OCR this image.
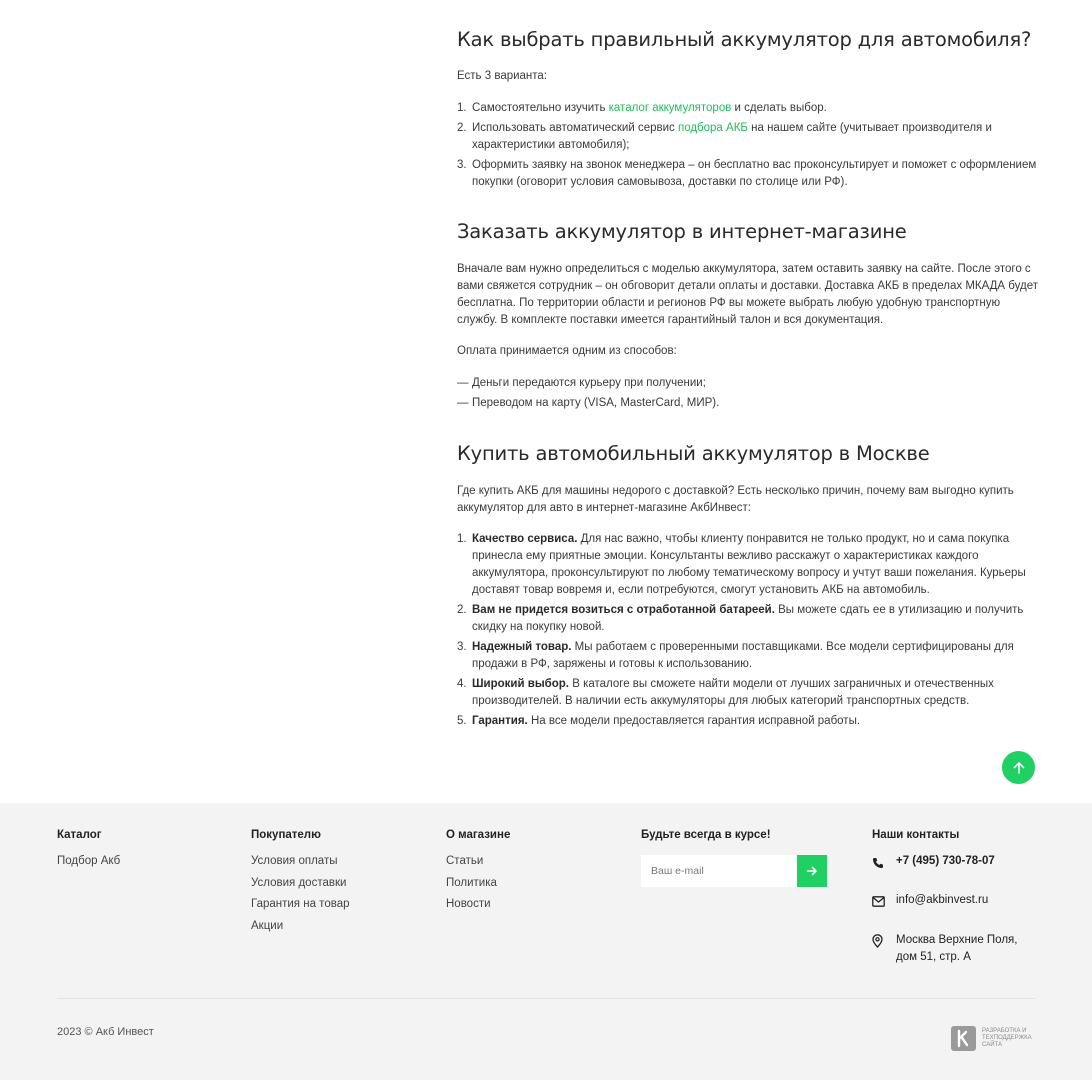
Как выбрать правильный аккумулятор для автомобиля?

Есть 3 варианта:

1. Самостоятельно изучить каталог аккумуляторов и сделать выбор.
2. Использовать автоматический сервис подбора АКБ на нашем сайте (учитывает производителя и характеристики автомобиля);
3. Оформить заявку на звонок менеджера – он бесплатно вас проконсультирует и поможет с оформлением покупки (оговорит условия самовывоза, доставки по столице или РФ).
Заказать аккумулятор в интернет-магазине

Вначале вам нужно определиться с моделью аккумулятора, затем оставить заявку на сайте. После этого с вами свяжется сотрудник – он обговорит детали оплаты и доставки. Доставка АКБ в пределах МКАДА будет бесплатна. По территории области и регионов РФ вы можете выбрать любую удобную транспортную службу. В комплекте поставки имеется гарантийный талон и вся документация.

Оплата принимается одним из способов:

— Деньги передаются курьеру при получении;
— Переводом на карту (VISA, MasterCard, МИР).
Купить автомобильный аккумулятор в Москве

Где купить АКБ для машины недорого с доставкой? Есть несколько причин, почему вам выгодно купить аккумулятор для авто в интернет-магазине АкбИнвест:

1. Качество сервиса. Для нас важно, чтобы клиенту понравится не только продукт, но и сама покупка принесла ему приятные эмоции. Консультанты вежливо расскажут о характеристиках каждого аккумулятора, проконсультируют по любому тематическому вопросу и учтут ваши пожелания. Курьеры доставят товар вовремя и, если потребуются, смогут установить АКБ на автомобиль.
2. Вам не придется возиться с отработанной батареей. Вы можете сдать ее в утилизацию и получить скидку на покупку новой.
3. Надежный товар. Мы работаем с проверенными поставщиками. Все модели сертифицированы для продажи в РФ, заряжены и готовы к использованию.
4. Широкий выбор. В каталоге вы сможете найти модели от лучших заграничных и отечественных производителей. В наличии есть аккумуляторы для любых категорий транспортных средств.
5. Гарантия. На все модели предоставляется гарантия исправной работы.
Каталог
Подбор Акб
Покупателю
Условия оплаты
Условия доставки
Гарантия на товар
Акции
О магазине
Статьи
Политика
Новости
Будьте всегда в курсе!
Ваш e-mail	Наши контакты
+7 (495) 730-78-07
info@akbinvest.ru
Москва Верхние Поля, дом 51, стр. А
2023 © Акб Инвест	РАЗРАБОТКА И ТЕХПОДДЕРЖКА САЙТА
